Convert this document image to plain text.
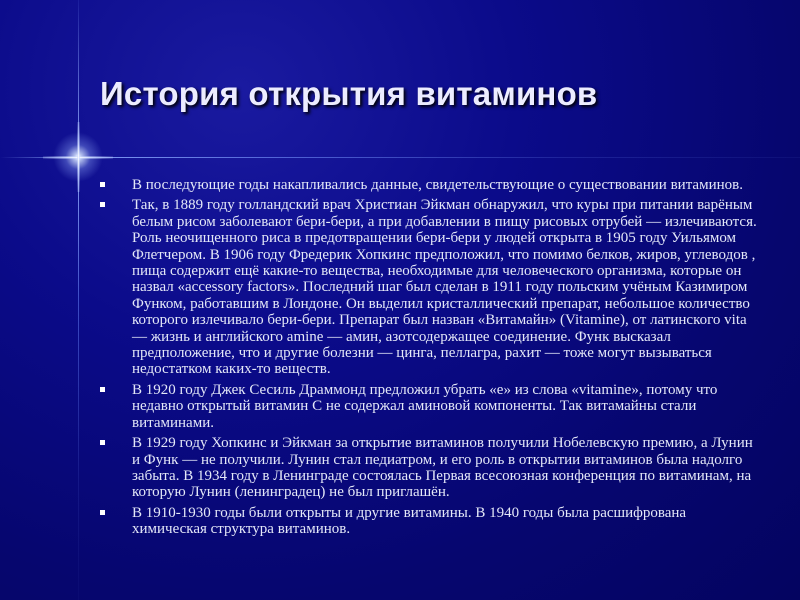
История открытия витаминов
В последующие годы накапливались данные, свидетельствующие о существовании витаминов.
Так, в 1889 году голландский врач Христиан Эйкман обнаружил, что куры при питании варёным белым рисом заболевают бери-бери, а при добавлении в пищу рисовых отрубей — излечиваются. Роль неочищенного риса в предотвращении бери-бери у людей открыта в 1905 году Уильямом Флетчером. В 1906 году Фредерик Хопкинс предположил, что помимо белков, жиров, углеводов , пища содержит ещё какие-то вещества, необходимые для человеческого организма, которые он назвал «accessory factors». Последний шаг был сделан в 1911 году польским учёным Казимиром Функом, работавшим в Лондоне. Он выделил кристаллический препарат, небольшое количество которого излечивало бери-бери. Препарат был назван «Витамайн» (Vitamine), от латинского vita — жизнь и английского amine — амин, азотсодержащее соединение. Функ высказал предположение, что и другие болезни — цинга, пеллагра, рахит — тоже могут вызываться недостатком каких-то веществ.
В 1920 году Джек Сесиль Драммонд предложил убрать «e» из слова «vitamine», потому что недавно открытый витамин C не содержал аминовой компоненты. Так витамайны стали витаминами.
В 1929 году Хопкинс и Эйкман за открытие витаминов получили Нобелевскую премию, а Лунин и Функ — не получили. Лунин стал педиатром, и его роль в открытии витаминов была надолго забыта. В 1934 году в Ленинграде состоялась Первая всесоюзная конференция по витаминам, на которую Лунин (ленинградец) не был приглашён.
В 1910-1930 годы были открыты и другие витамины. В 1940 годы была расшифрована химическая структура витаминов.
